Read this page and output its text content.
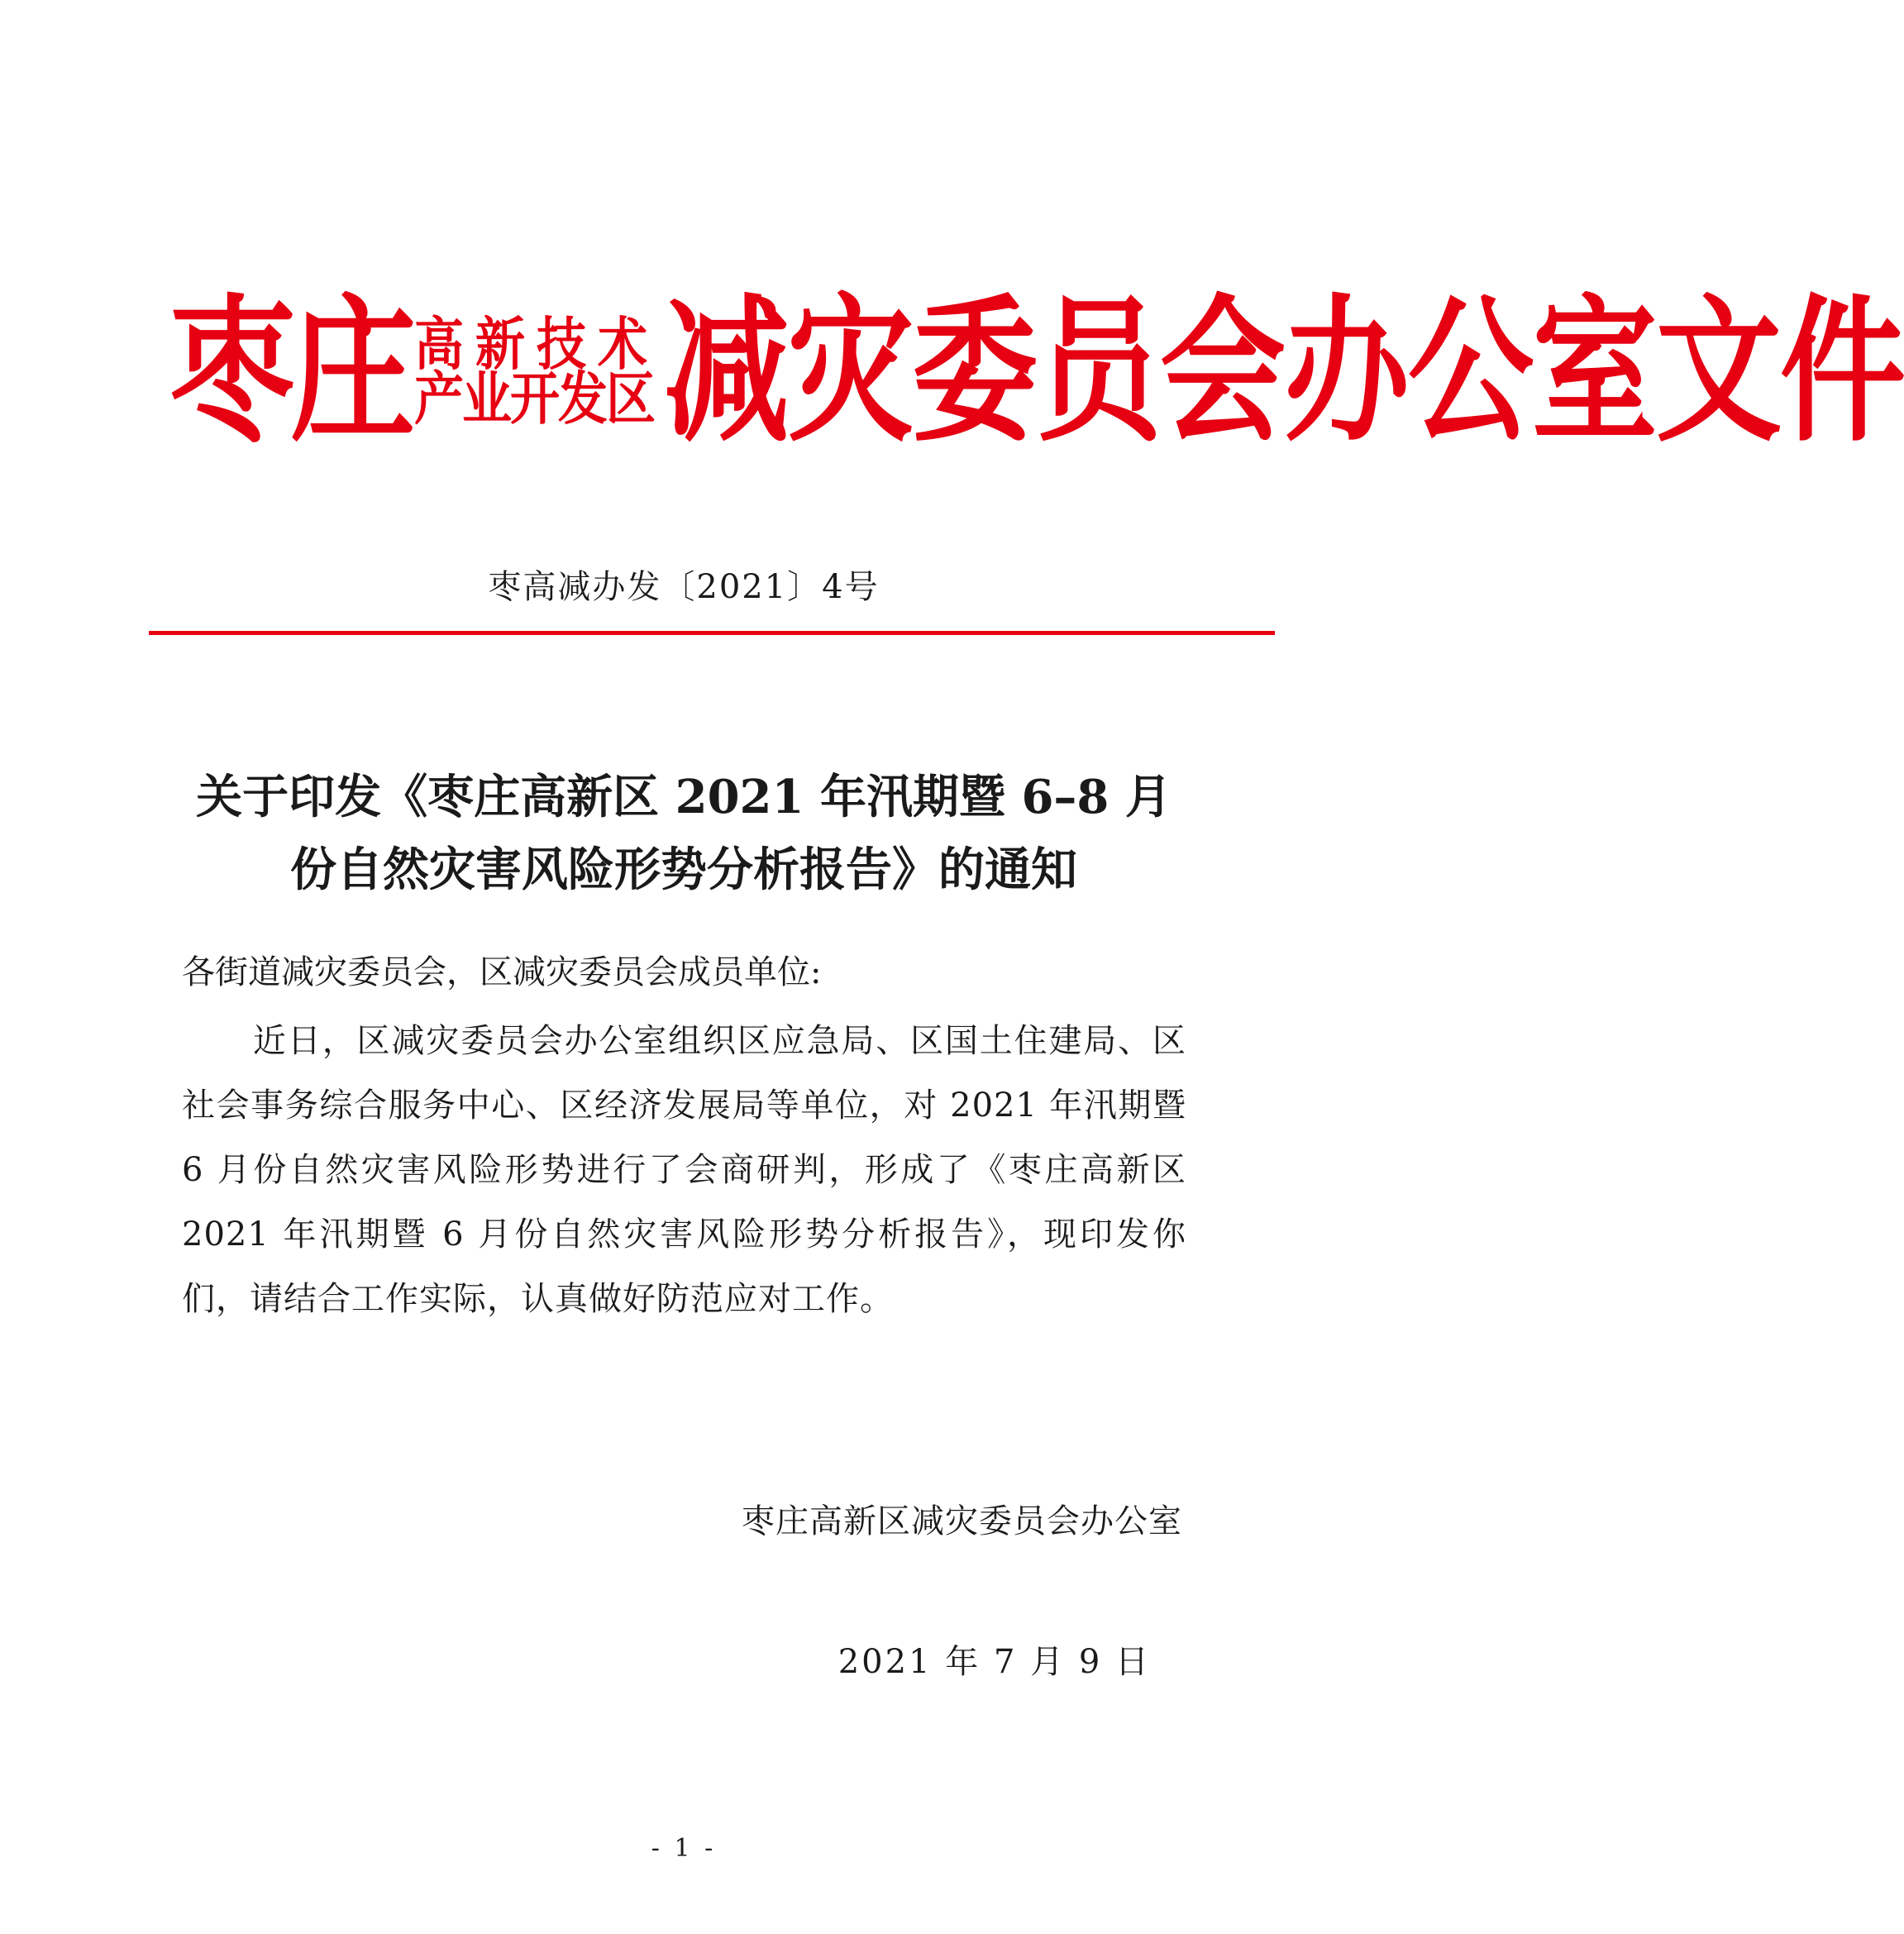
枣庄 高新技术
产业开发区 减灾委员会办公室文件
枣高减办发〔2021〕4号
关于印发《枣庄高新区 2021 年汛期暨 6–8 月
份自然灾害风险形势分析报告》的通知
各街道减灾委员会，区减灾委员会成员单位:
近日，区减灾委员会办公室组织区应急局、区国土住建局、区社会事务综合服务中心、区经济发展局等单位，对 2021 年汛期暨 6 月份自然灾害风险形势进行了会商研判，形成了《枣庄高新区 2021 年汛期暨 6 月份自然灾害风险形势分析报告》，现印发你们，请结合工作实际，认真做好防范应对工作。
枣庄高新区减灾委员会办公室
2021 年 7 月 9 日
- 1 -
